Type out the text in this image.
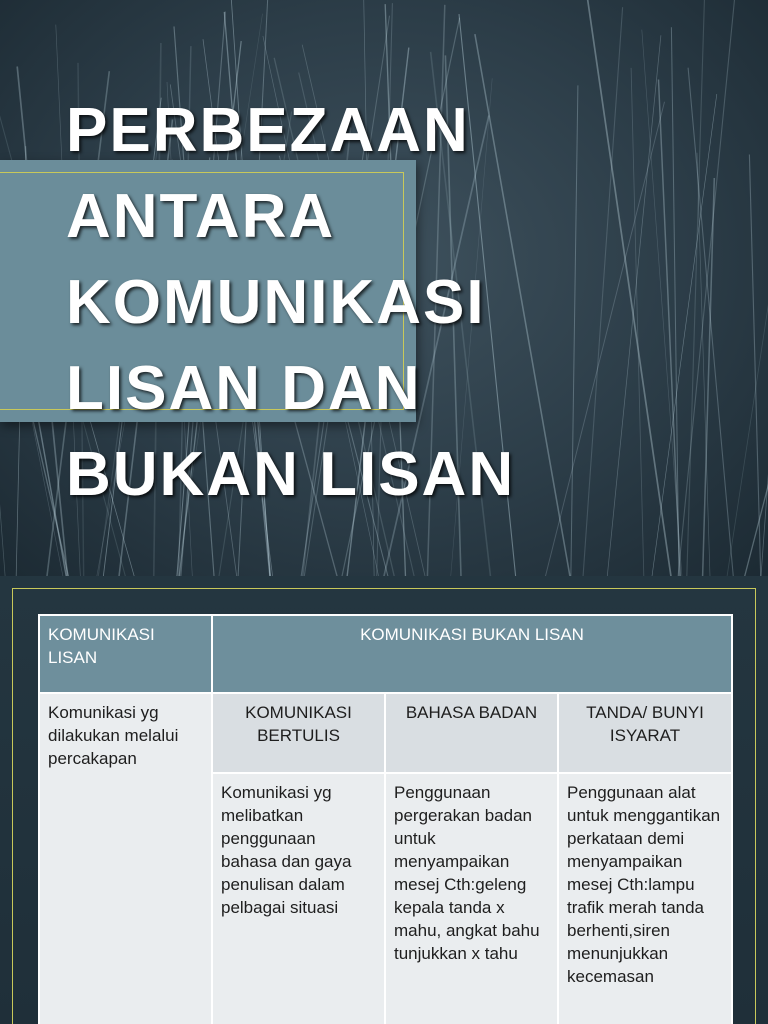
PERBEZAAN
ANTARA
KOMUNIKASI
LISAN DAN
BUKAN LISAN
KOMUNIKASI LISAN	KOMUNIKASI BUKAN LISAN		
Komunikasi yg dilakukan melalui percakapan	KOMUNIKASI BERTULIS	BAHASA BADAN	TANDA/ BUNYI ISYARAT
	Komunikasi yg melibatkan penggunaan bahasa dan gaya penulisan dalam pelbagai situasi	Penggunaan pergerakan badan untuk menyampaikan mesej Cth:geleng kepala tanda x mahu, angkat bahu tunjukkan x tahu	Penggunaan alat untuk menggantikan perkataan demi menyampaikan mesej Cth:lampu trafik merah tanda berhenti,siren menunjukkan kecemasan
